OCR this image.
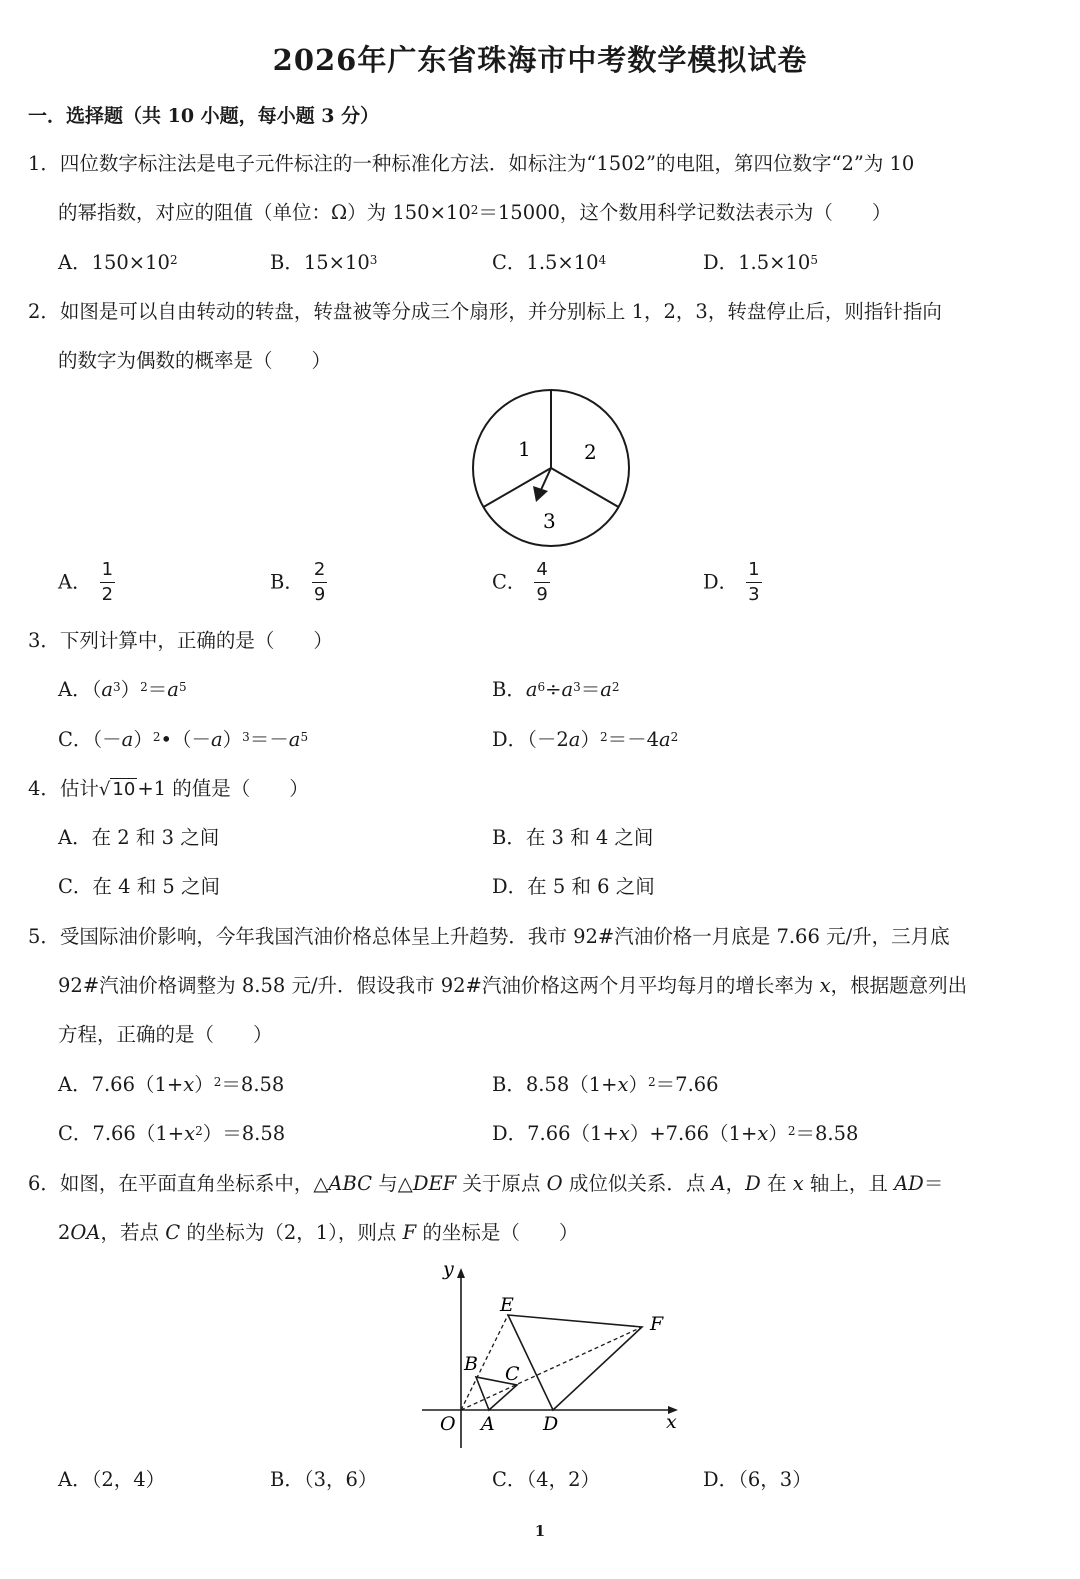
2026年广东省珠海市中考数学模拟试卷
一．选择题（共 10 小题，每小题 3 分）
1．四位数字标注法是电子元件标注的一种标准化方法．如标注为“1502”的电阻，第四位数字“2”为 10
的幂指数，对应的阻值（单位：Ω）为 $150\times 10^2=15000$，这个数用科学记数法表示为（　　）
A．$150\times 10^2$	B．$15\times 10^3$	C．$1.5\times 10^4$	D．$1.5\times 10^5$
2．如图是可以自由转动的转盘，转盘被等分成三个扇形，并分别标上 1，2，3，转盘停止后，则指针指向
的数字为偶数的概率是（　　）
1	2
3
A． $\frac{1}{2}$	B． $\frac{2}{9}$	C． $\frac{4}{9}$	D． $\frac{1}{3}$
3．下列计算中，正确的是（　　）
A．$(a^3)^2=a^5$	B．$a^6\div a^3=a^2$
C．$(-a)^2•(-a)^3=-a^5$	D．$(-2a)^2=-4a^2$
4．估计√ 10 +1 的值是（　　）
A．在 2 和 3 之间	B．在 3 和 4 之间
C．在 4 和 5 之间	D．在 5 和 6 之间
5．受国际油价影响，今年我国汽油价格总体呈上升趋势．我市 92#汽油价格一月底是 7.66 元/升，三月底
92#汽油价格调整为 8.58 元/升．假设我市 92#汽油价格这两个月平均每月的增长率为 x，根据题意列出
方程，正确的是（　　）
A．$7.66(1+x)^2=8.58$	B．$8.58(1+x)^2=7.66$
C．$7.66(1+x^2)=8.58$	D．$7.66(1+x)+7.66(1+x)^2=8.58$
6．如图，在平面直角坐标系中，△ABC 与△DEF 关于原点 O 成位似关系．点 A，D 在 x 轴上，且 AD＝
2OA，若点 C 的坐标为（2，1），则点 F 的坐标是（　　）
y
x
O A
B C
D
E
F
A．（2，4）	B．（3，6）	C．（4，2）	D．（6，3）
1
